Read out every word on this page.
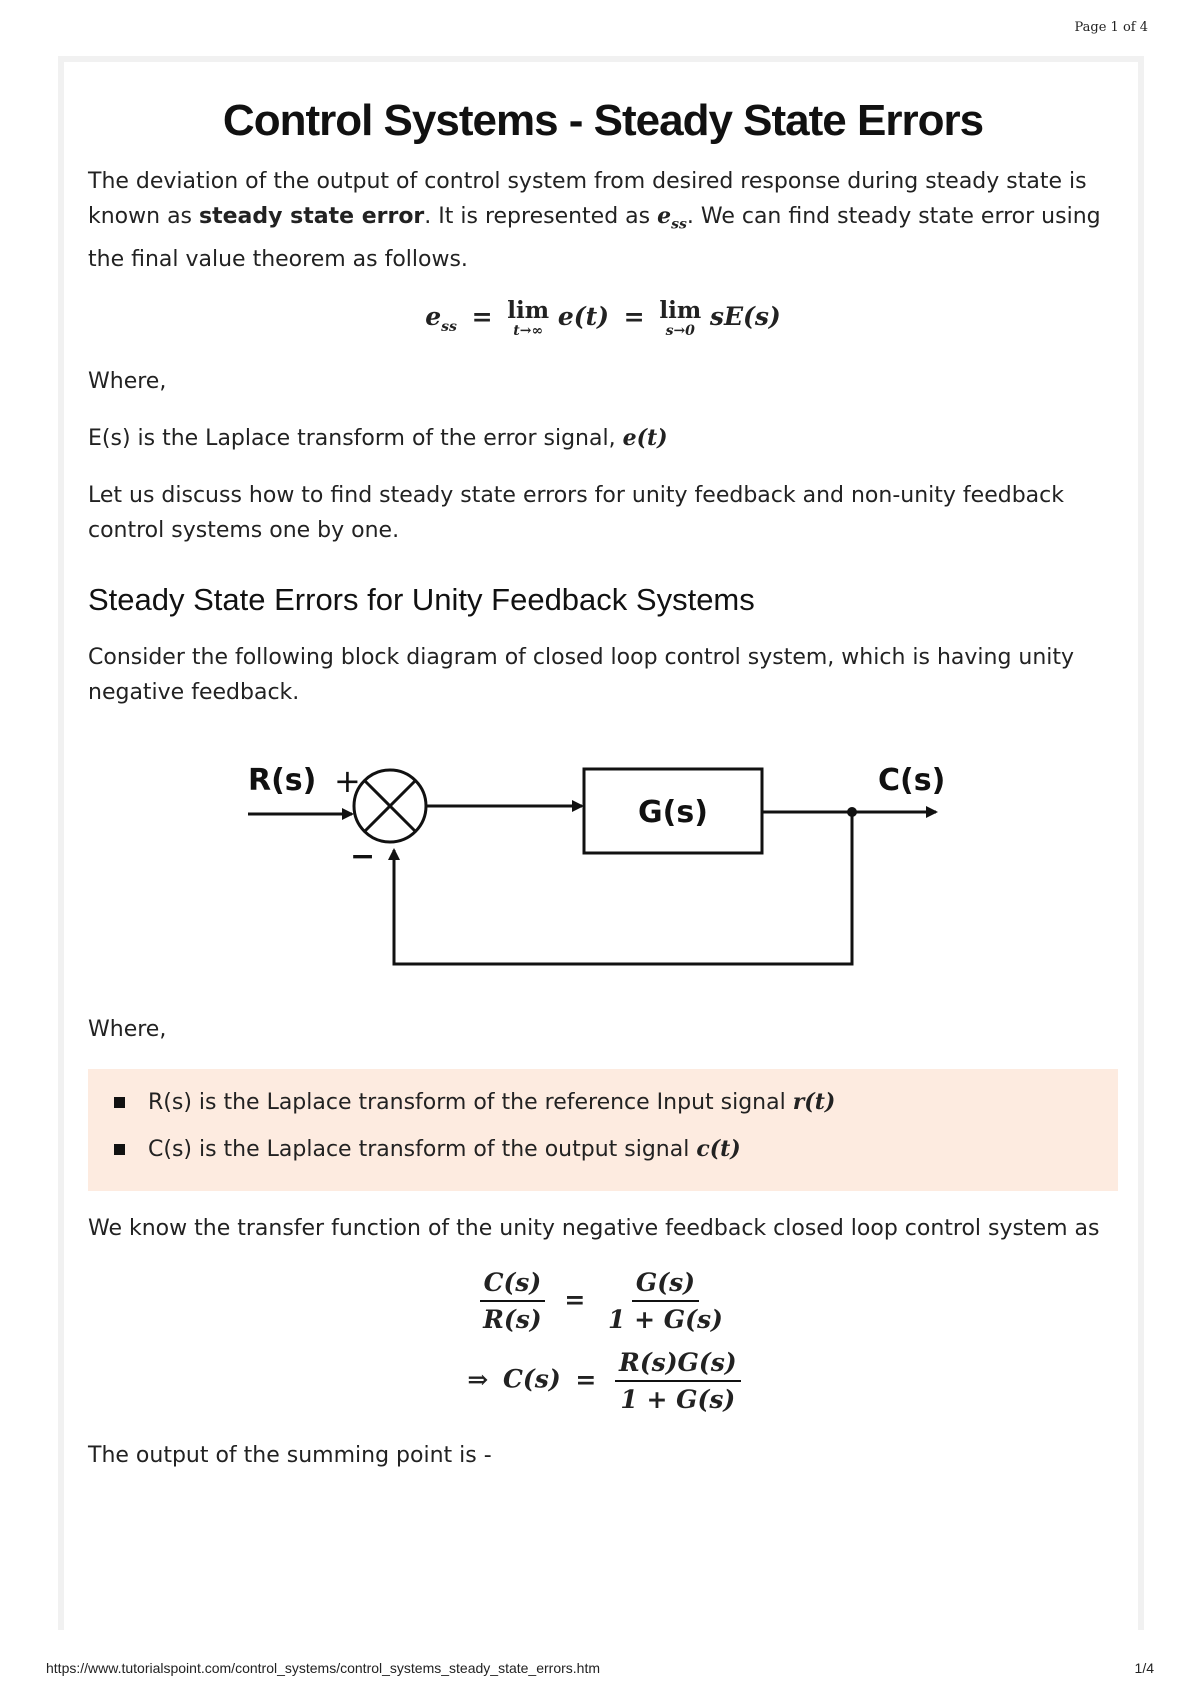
Page 1 of 4
Control Systems - Steady State Errors

The deviation of the output of control system from desired response during steady state is known as steady state error. It is represented as $e_{ss}$. We can find steady state error using the final value theorem as follows.

$e_{ss} = \lim$
t→∞ e(t) = lim
s→0 sE(s)

Where,

E(s) is the Laplace transform of the error signal, e(t)

Let us discuss how to find steady state errors for unity feedback and non-unity feedback control systems one by one.

Steady State Errors for Unity Feedback Systems

Consider the following block diagram of closed loop control system, which is having unity negative feedback.

R(s) +
−
G(s)
C(s)

Where,

R(s) is the Laplace transform of the reference Input signal r(t)
C(s) is the Laplace transform of the output signal c(t)

We know the transfer function of the unity negative feedback closed loop control system as

$\frac{C(s)}{R(s)} = \frac{G(s)}{1 + G(s)}$
⇒ $C(s) = \frac{R(s)G(s)}{1 + G(s)}$

The output of the summing point is -

https://www.tutorialspoint.com/control_systems/control_systems_steady_state_errors.htm	1/4
